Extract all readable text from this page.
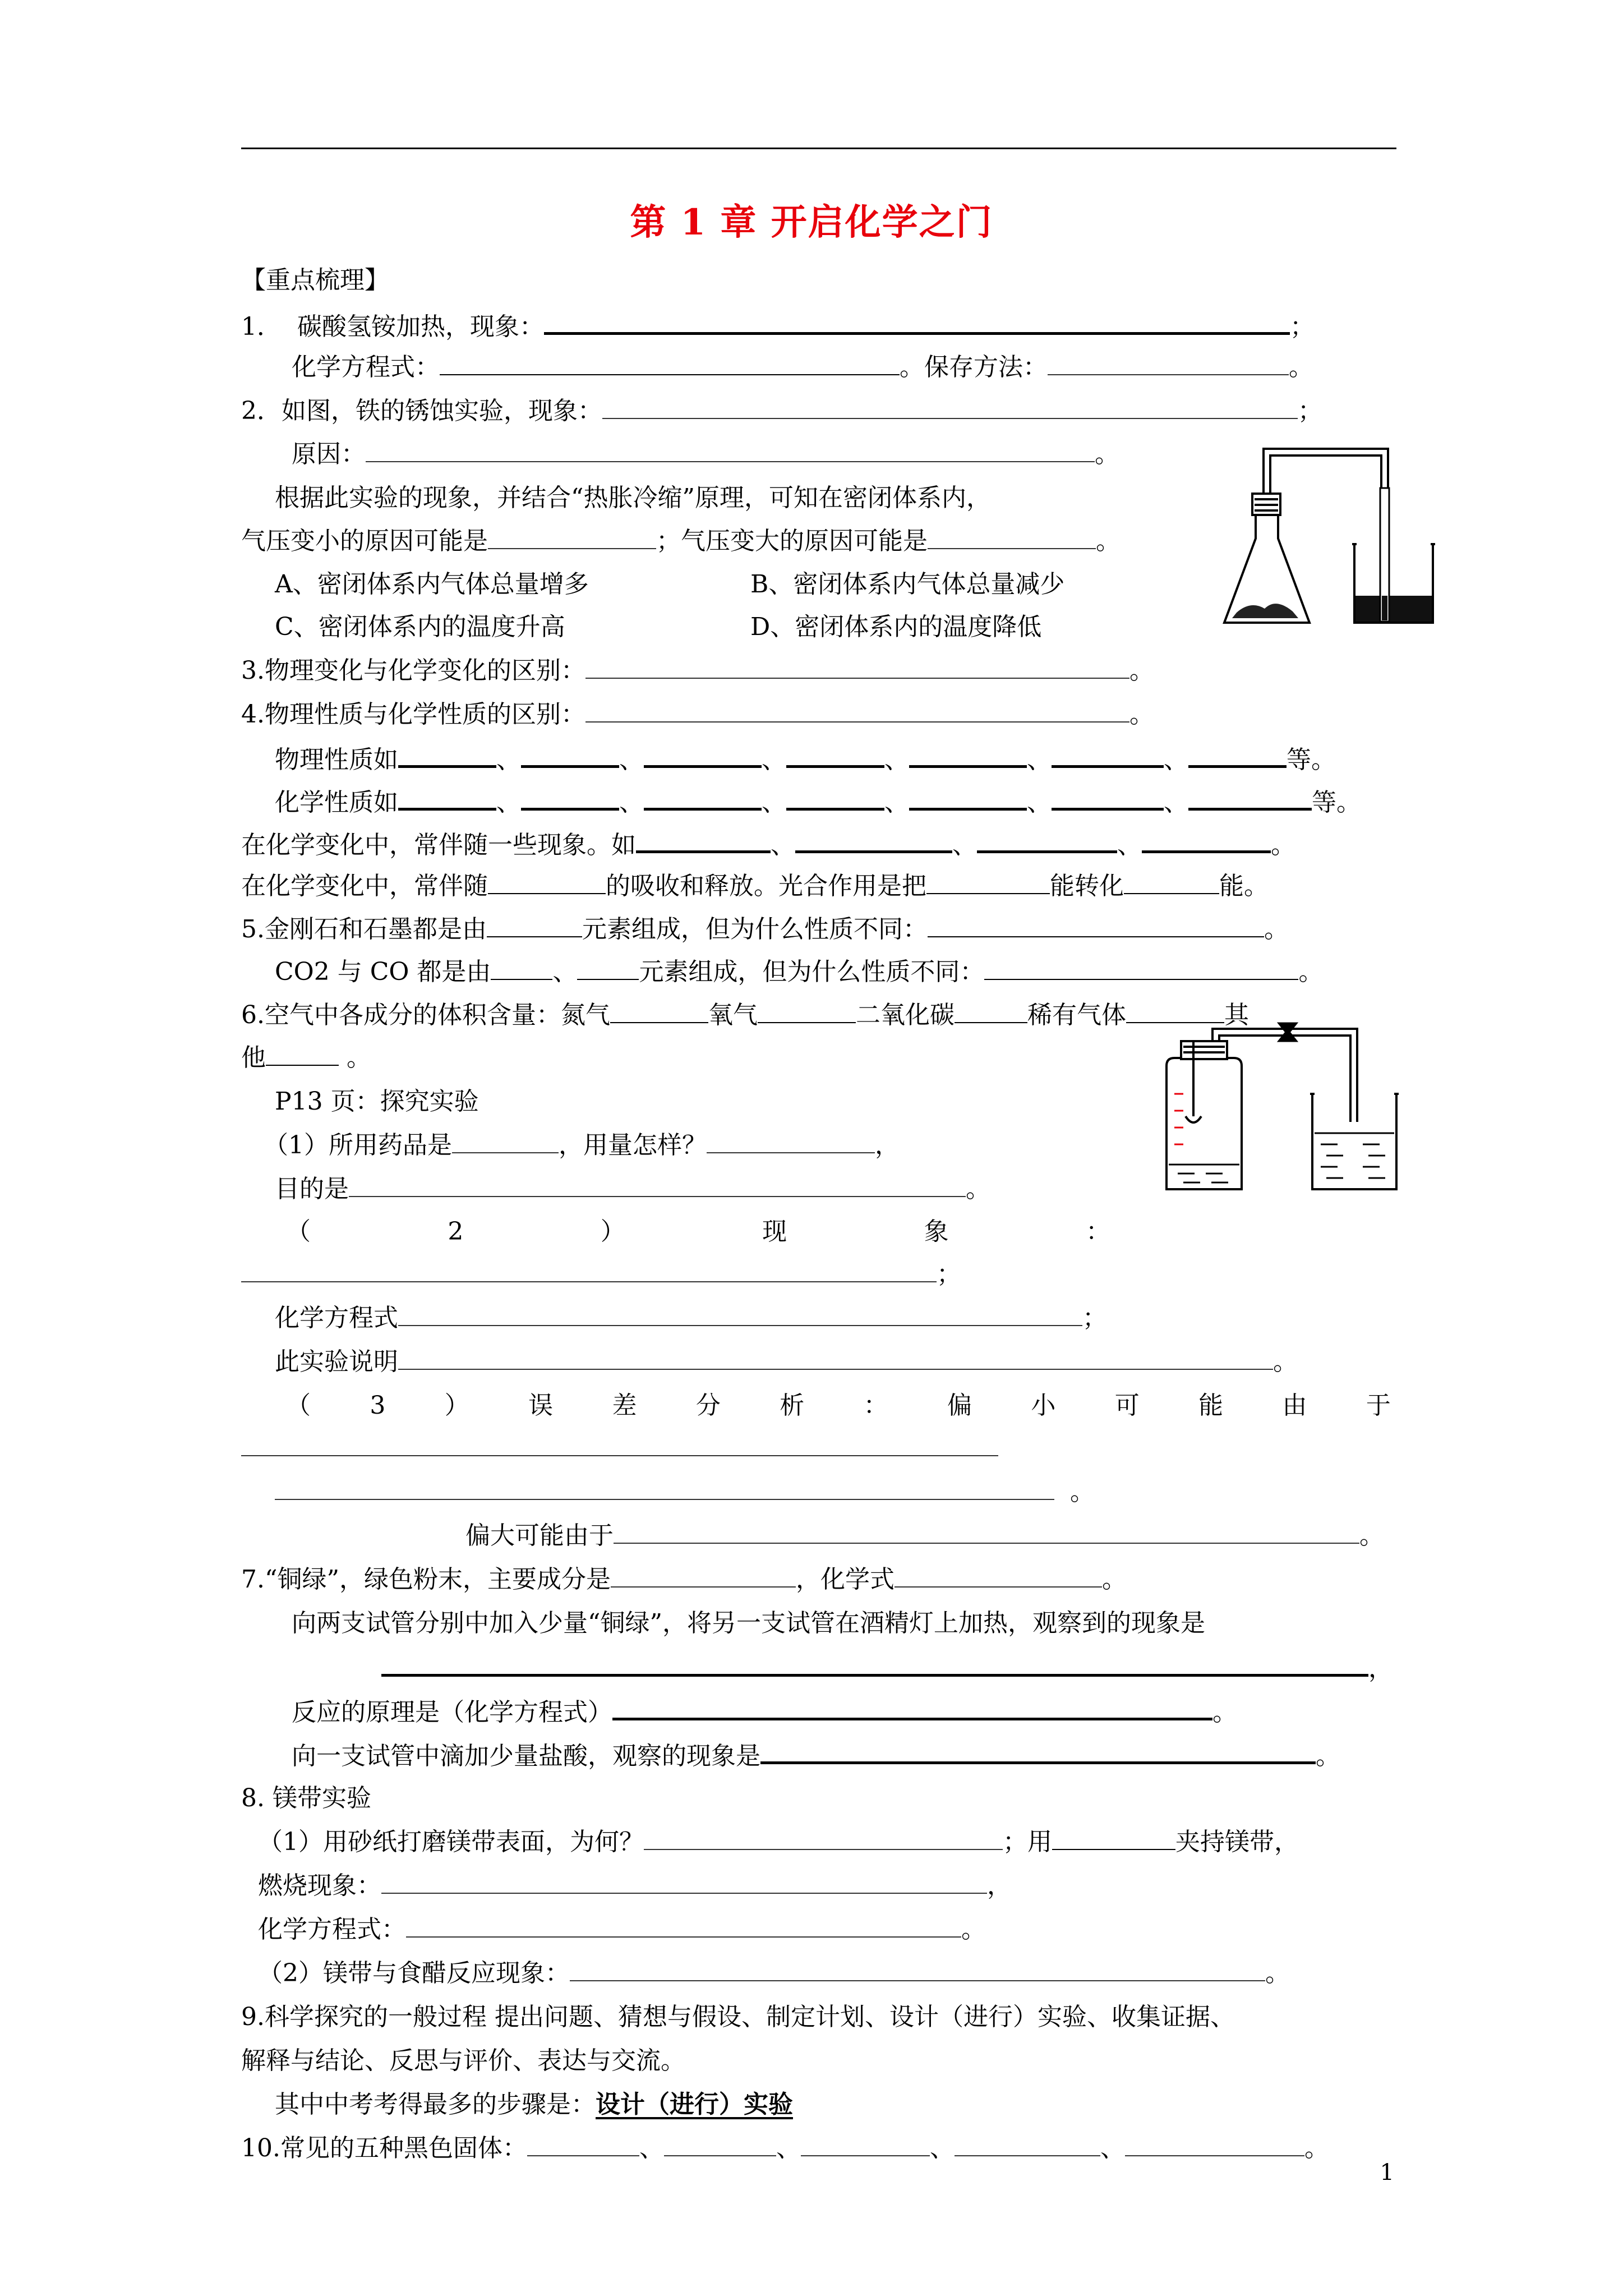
第 1 章 开启化学之门
【重点梳理】
1． 碳酸氢铵加热，现象：	；
化学方程式：	。保存方法：	。
2．如图，铁的锈蚀实验，现象：	；
原因：	。
根据此实验的现象，并结合“热胀冷缩”原理，可知在密闭体系内，
气压变小的原因可能是	；气压变大的原因可能是	。
A、密闭体系内气体总量增多	B、密闭体系内气体总量减少
C、密闭体系内的温度升高	D、密闭体系内的温度降低
3.物理变化与化学变化的区别：	。
4.物理性质与化学性质的区别：	。
物理性质如	、	、	、	、	、	、	等。
化学性质如	、	、	、	、	、	、	等。
在化学变化中，常伴随一些现象。如	、	、	、	。
在化学变化中，常伴随	的吸收和释放。光合作用是把	能转化	能。
5.金刚石和石墨都是由	元素组成，但为什么性质不同：	。
CO2 与 CO 都是由	、	元素组成，但为什么性质不同：	。
6.空气中各成分的体积含量：氮气	氧气	二氧化碳	稀有气体	其
他	。
P13 页：探究实验
（1）所用药品是	，用量怎样？	，
目的是	。
（	2	）	现	象	：
；
化学方程式	；
此实验说明	。
（ 3 ） 误 差 分 析 ： 偏 小 可 能 由 于
。
偏大可能由于	。
7.“铜绿”，绿色粉末，主要成分是	，化学式	。
向两支试管分别中加入少量“铜绿”，将另一支试管在酒精灯上加热，观察到的现象是
，
反应的原理是（化学方程式）	。
向一支试管中滴加少量盐酸，观察的现象是	。
8. 镁带实验
（1）用砂纸打磨镁带表面，为何？	；用	夹持镁带，
燃烧现象：	，
化学方程式：	。
（2）镁带与食醋反应现象：	。
9.科学探究的一般过程 提出问题、猜想与假设、制定计划、设计（进行）实验、收集证据、
解释与结论、反思与评价、表达与交流。
其中中考考得最多的步骤是：设计（进行）实验
10.常见的五种黑色固体：	、	、	、	、	。
1
